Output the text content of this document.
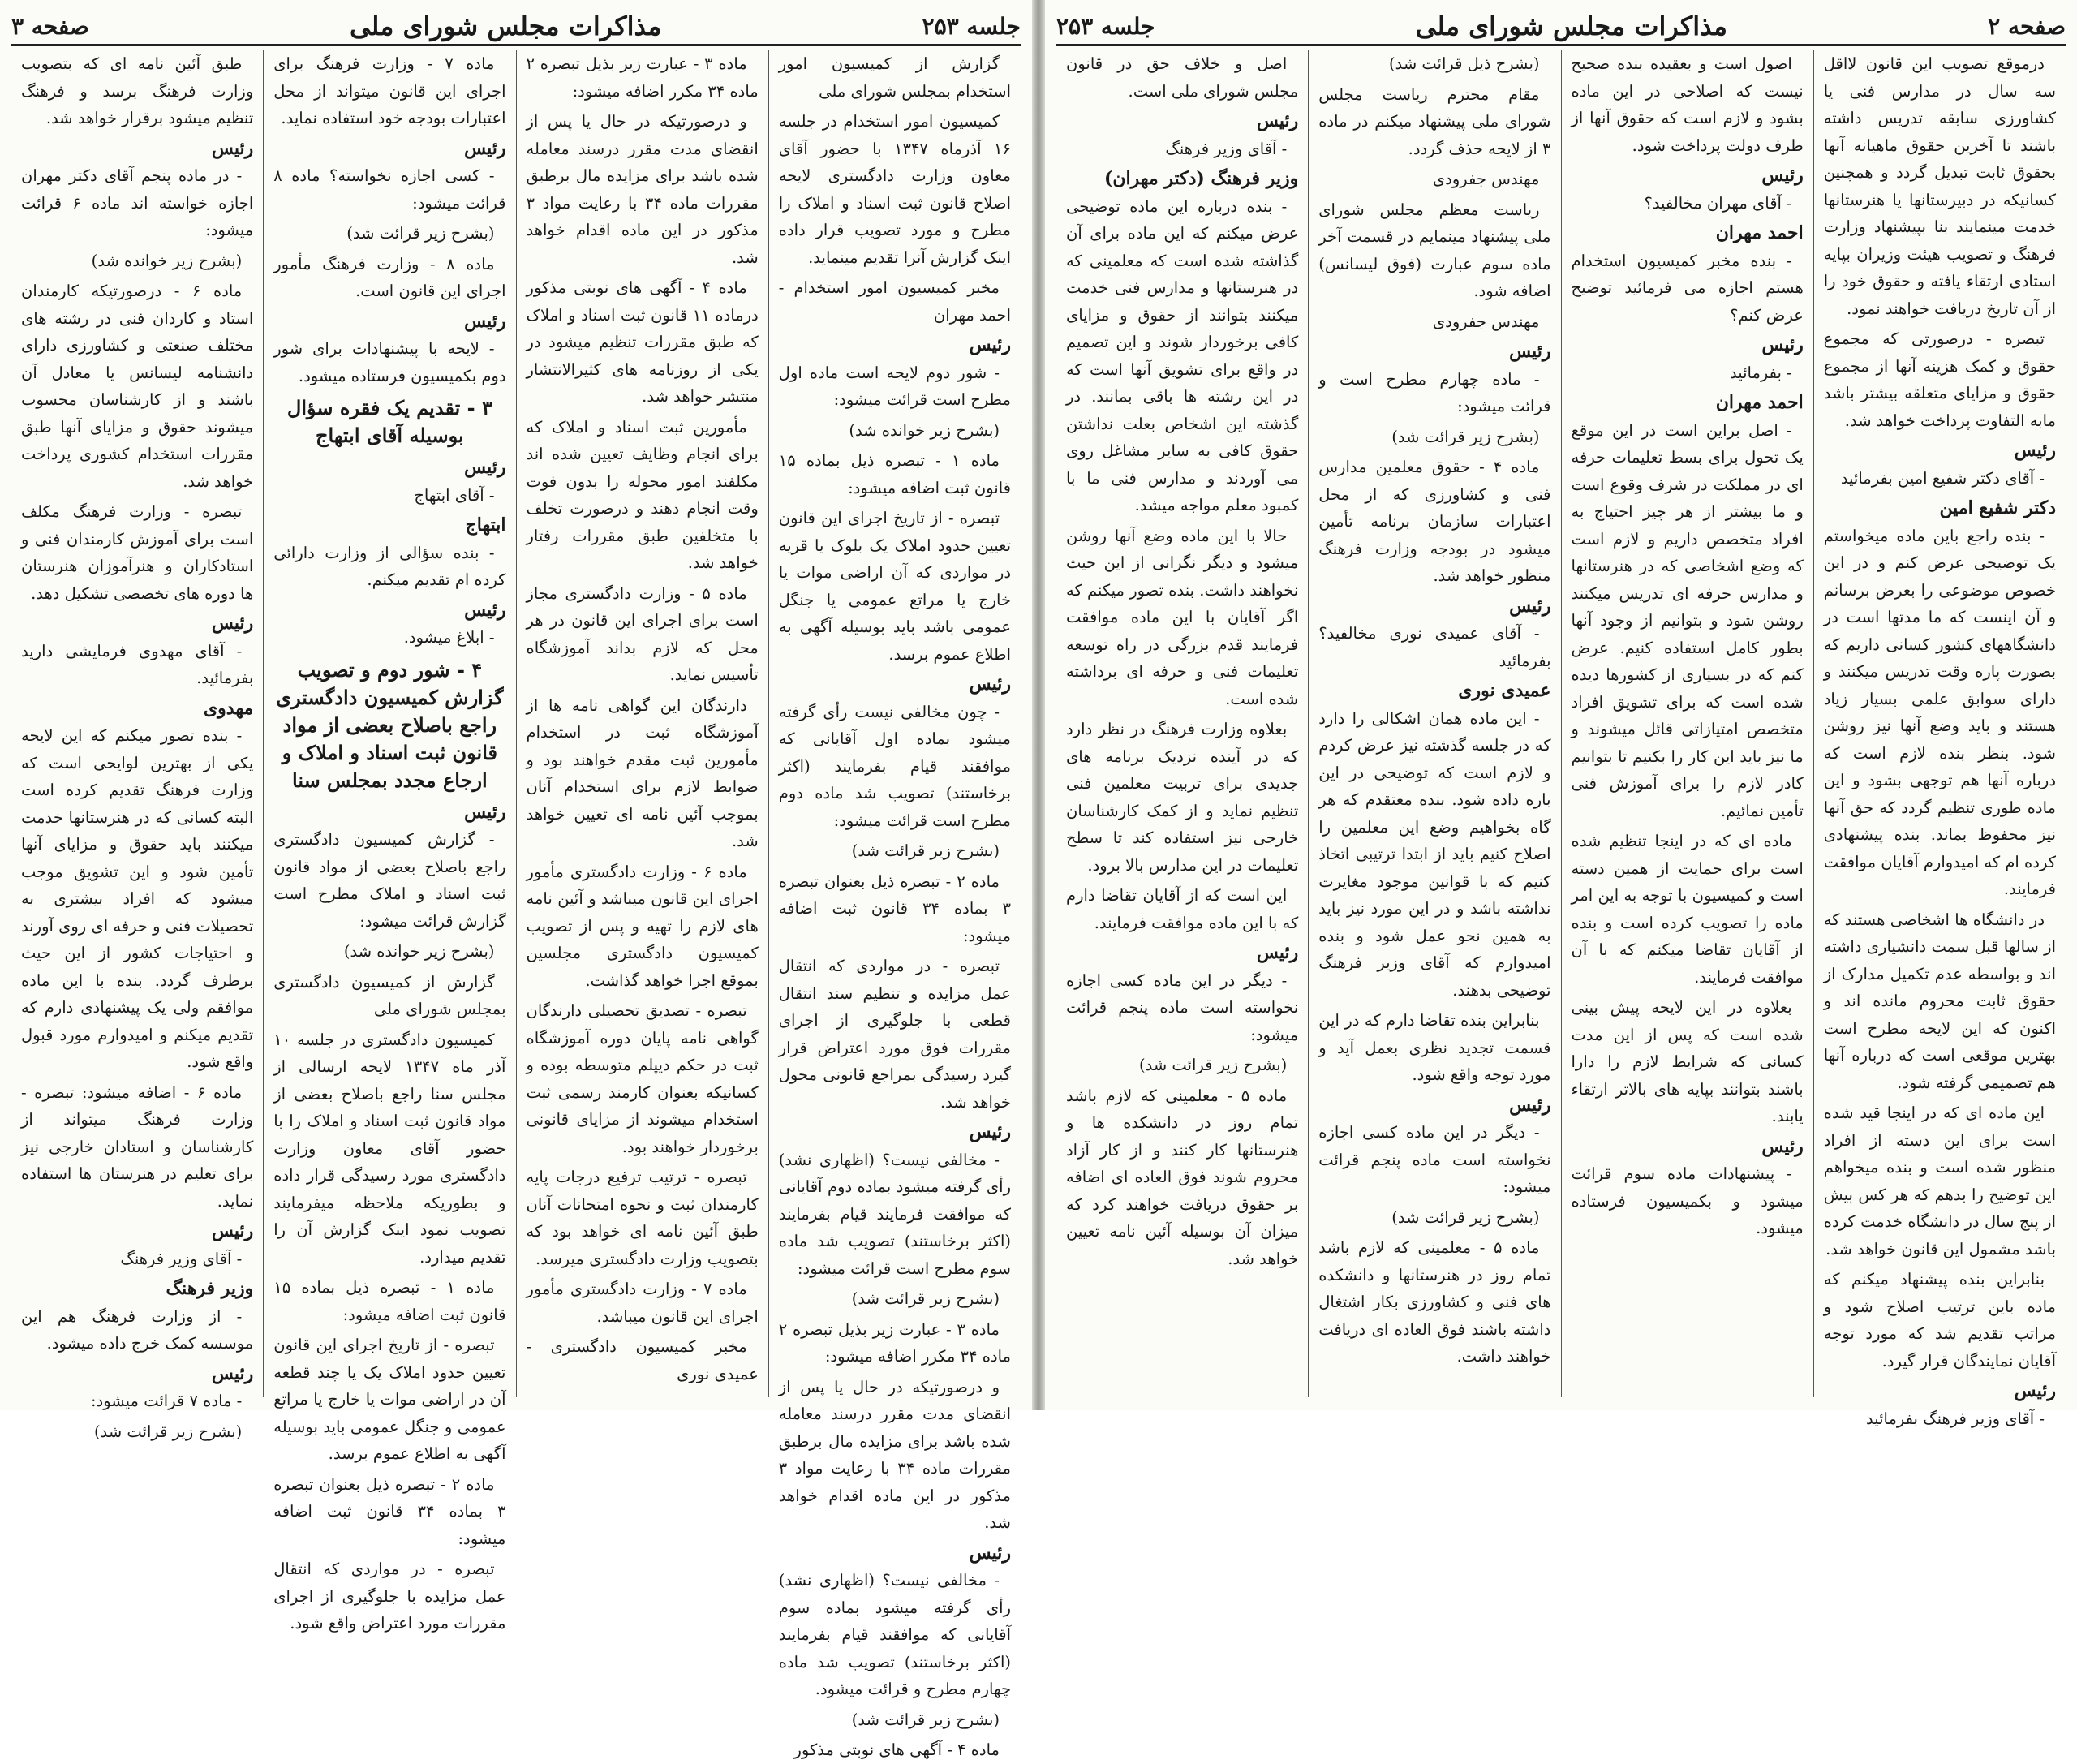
جلسه ۲۵۳
مذاکرات مجلس شورای ملی
صفحه ۳

گزارش از کمیسیون امور استخدام بمجلس شورای ملی

کمیسیون امور استخدام در جلسه ۱۶ آذرماه ۱۳۴۷ با حضور آقای معاون وزارت دادگستری لایحه اصلاح قانون ثبت اسناد و املاک را مطرح و مورد تصویب قرار داده اینک گزارش آنرا تقدیم مینماید.

مخبر کمیسیون امور استخدام - احمد مهران

رئیس

- شور دوم لایحه است ماده اول مطرح است قرائت میشود:

(بشرح زیر خوانده شد)

ماده ۱ - تبصره ذیل بماده ۱۵ قانون ثبت اضافه میشود:

تبصره - از تاریخ اجرای این قانون تعیین حدود املاک یک بلوک یا قریه در مواردی که آن اراضی موات یا خارج یا مراتع عمومی یا جنگل عمومی باشد باید بوسیله آگهی به اطلاع عموم برسد.

رئیس

- چون مخالفی نیست رأی گرفته میشود بماده اول آقایانی که موافقند قیام بفرمایند (اکثر برخاستند) تصویب شد ماده دوم مطرح است قرائت میشود:

(بشرح زیر قرائت شد)

ماده ۲ - تبصره ذیل بعنوان تبصره ۳ بماده ۳۴ قانون ثبت اضافه میشود:

تبصره - در مواردی که انتقال عمل مزایده و تنظیم سند انتقال قطعی با جلوگیری از اجرای مقررات فوق مورد اعتراض قرار گیرد رسیدگی بمراجع قانونی محول خواهد شد.

رئیس

- مخالفی نیست؟ (اظهاری نشد) رأی گرفته میشود بماده دوم آقایانی که موافقت فرمایند قیام بفرمایند (اکثر برخاستند) تصویب شد ماده سوم مطرح است قرائت میشود:

(بشرح زیر قرائت شد)

ماده ۳ - عبارت زیر بذیل تبصره ۲ ماده ۳۴ مکرر اضافه میشود:

و درصورتیکه در حال یا پس از انقضای مدت مقرر درسند معامله شده باشد برای مزایده مال برطبق مقررات ماده ۳۴ با رعایت مواد ۳ مذکور در این ماده اقدام خواهد شد.

رئیس

- مخالفی نیست؟ (اظهاری نشد) رأی گرفته میشود بماده سوم آقایانی که موافقند قیام بفرمایند (اکثر برخاستند) تصویب شد ماده چهارم مطرح و قرائت میشود.

(بشرح زیر قرائت شد)

ماده ۴ - آگهی های نوبتی مذکور

ماده ۳ - عبارت زیر بذیل تبصره ۲ ماده ۳۴ مکرر اضافه میشود:

و درصورتیکه در حال یا پس از انقضای مدت مقرر درسند معامله شده باشد برای مزایده مال برطبق مقررات ماده ۳۴ با رعایت مواد ۳ مذکور در این ماده اقدام خواهد شد.

ماده ۴ - آگهی های نوبتی مذکور درماده ۱۱ قانون ثبت اسناد و املاک که طبق مقررات تنظیم میشود در یکی از روزنامه های کثیرالانتشار منتشر خواهد شد.

مأمورین ثبت اسناد و املاک که برای انجام وظایف تعیین شده اند مکلفند امور محوله را بدون فوت وقت انجام دهند و درصورت تخلف با متخلفین طبق مقررات رفتار خواهد شد.

ماده ۵ - وزارت دادگستری مجاز است برای اجرای این قانون در هر محل که لازم بداند آموزشگاه تأسیس نماید.

دارندگان این گواهی نامه ها از آموزشگاه ثبت در استخدام مأمورین ثبت مقدم خواهند بود و ضوابط لازم برای استخدام آنان بموجب آئین نامه ای تعیین خواهد شد.

ماده ۶ - وزارت دادگستری مأمور اجرای این قانون میباشد و آئین نامه های لازم را تهیه و پس از تصویب کمیسیون دادگستری مجلسین بموقع اجرا خواهد گذاشت.

تبصره - تصدیق تحصیلی دارندگان گواهی نامه پایان دوره آموزشگاه ثبت در حکم دیپلم متوسطه بوده و کسانیکه بعنوان کارمند رسمی ثبت استخدام میشوند از مزایای قانونی برخوردار خواهند بود.

تبصره - ترتیب ترفیع درجات پایه کارمندان ثبت و نحوه امتحانات آنان طبق آئین نامه ای خواهد بود که بتصویب وزارت دادگستری میرسد.

ماده ۷ - وزارت دادگستری مأمور اجرای این قانون میباشد.

مخبر کمیسیون دادگستری - عمیدی نوری

ماده ۷ - وزارت فرهنگ برای اجرای این قانون میتواند از محل اعتبارات بودجه خود استفاده نماید.

رئیس

- کسی اجازه نخواسته؟ ماده ۸ قرائت میشود:

(بشرح زیر قرائت شد)

ماده ۸ - وزارت فرهنگ مأمور اجرای این قانون است.

رئیس

- لایحه با پیشنهادات برای شور دوم بکمیسیون فرستاده میشود.

۳ - تقدیم یک فقره سؤال بوسیله آقای ابتهاج
رئیس

- آقای ابتهاج

ابتهاج

- بنده سؤالی از وزارت دارائی کرده ام تقدیم میکنم.

رئیس

- ابلاغ میشود.

۴ - شور دوم و تصویب گزارش کمیسیون دادگستری راجع باصلاح بعضی از مواد قانون ثبت اسناد و املاک و ارجاع مجدد بمجلس سنا
رئیس

- گزارش کمیسیون دادگستری راجع باصلاح بعضی از مواد قانون ثبت اسناد و املاک مطرح است گزارش قرائت میشود:

(بشرح زیر خوانده شد)

گزارش از کمیسیون دادگستری بمجلس شورای ملی

کمیسیون دادگستری در جلسه ۱۰ آذر ماه ۱۳۴۷ لایحه ارسالی از مجلس سنا راجع باصلاح بعضی از مواد قانون ثبت اسناد و املاک را با حضور آقای معاون وزارت دادگستری مورد رسیدگی قرار داده و بطوریکه ملاحظه میفرمایند تصویب نمود اینک گزارش آن را تقدیم میدارد.

ماده ۱ - تبصره ذیل بماده ۱۵ قانون ثبت اضافه میشود:

تبصره - از تاریخ اجرای این قانون تعیین حدود املاک یک یا چند قطعه آن در اراضی موات یا خارج یا مراتع عمومی و جنگل عمومی باید بوسیله آگهی به اطلاع عموم برسد.

ماده ۲ - تبصره ذیل بعنوان تبصره ۳ بماده ۳۴ قانون ثبت اضافه میشود:

تبصره - در مواردی که انتقال عمل مزایده با جلوگیری از اجرای مقررات مورد اعتراض واقع شود.

طبق آئین نامه ای که بتصویب وزارت فرهنگ برسد و فرهنگ تنظیم میشود برقرار خواهد شد.

رئیس

- در ماده پنجم آقای دکتر مهران اجازه خواسته اند ماده ۶ قرائت میشود:

(بشرح زیر خوانده شد)

ماده ۶ - درصورتیکه کارمندان استاد و کاردان فنی در رشته های مختلف صنعتی و کشاورزی دارای دانشنامه لیسانس یا معادل آن باشند و از کارشناسان محسوب میشوند حقوق و مزایای آنها طبق مقررات استخدام کشوری پرداخت خواهد شد.

تبصره - وزارت فرهنگ مکلف است برای آموزش کارمندان فنی و استادکاران و هنرآموزان هنرستان ها دوره های تخصصی تشکیل دهد.

رئیس

- آقای مهدوی فرمایشی دارید بفرمائید.

مهدوی

- بنده تصور میکنم که این لایحه یکی از بهترین لوایحی است که وزارت فرهنگ تقدیم کرده است البته کسانی که در هنرستانها خدمت میکنند باید حقوق و مزایای آنها تأمین شود و این تشویق موجب میشود که افراد بیشتری به تحصیلات فنی و حرفه ای روی آورند و احتیاجات کشور از این حیث برطرف گردد. بنده با این ماده موافقم ولی یک پیشنهادی دارم که تقدیم میکنم و امیدوارم مورد قبول واقع شود.

ماده ۶ - اضافه میشود: تبصره - وزارت فرهنگ میتواند از کارشناسان و استادان خارجی نیز برای تعلیم در هنرستان ها استفاده نماید.

رئیس

- آقای وزیر فرهنگ

وزیر فرهنگ

- از وزارت فرهنگ هم این موسسه کمک خرج داده میشود.

رئیس

- ماده ۷ قرائت میشود:

(بشرح زیر قرائت شد)

صفحه ۲
مذاکرات مجلس شورای ملی
جلسه ۲۵۳

درموقع تصویب این قانون لااقل سه سال در مدارس فنی یا کشاورزی سابقه تدریس داشته باشند تا آخرین حقوق ماهیانه آنها بحقوق ثابت تبدیل گردد و همچنین کسانیکه در دبیرستانها یا هنرستانها خدمت مینمایند بنا بپیشنهاد وزارت فرهنگ و تصویب هیئت وزیران بپایه استادی ارتقاء یافته و حقوق خود را از آن تاریخ دریافت خواهند نمود.

تبصره - درصورتی که مجموع حقوق و کمک هزینه آنها از مجموع حقوق و مزایای متعلقه بیشتر باشد مابه التفاوت پرداخت خواهد شد.

رئیس

- آقای دکتر شفیع امین بفرمائید

دکتر شفیع امین

- بنده راجع باین ماده میخواستم یک توضیحی عرض کنم و در این خصوص موضوعی را بعرض برسانم و آن اینست که ما مدتها است در دانشگاههای کشور کسانی داریم که بصورت پاره وقت تدریس میکنند و دارای سوابق علمی بسیار زیاد هستند و باید وضع آنها نیز روشن شود. بنظر بنده لازم است که درباره آنها هم توجهی بشود و این ماده طوری تنظیم گردد که حق آنها نیز محفوظ بماند. بنده پیشنهادی کرده ام که امیدوارم آقایان موافقت فرمایند.

در دانشگاه ها اشخاصی هستند که از سالها قبل سمت دانشیاری داشته اند و بواسطه عدم تکمیل مدارک از حقوق ثابت محروم مانده اند و اکنون که این لایحه مطرح است بهترین موقعی است که درباره آنها هم تصمیمی گرفته شود.

این ماده ای که در اینجا قید شده است برای این دسته از افراد منظور شده است و بنده میخواهم این توضیح را بدهم که هر کس بیش از پنج سال در دانشگاه خدمت کرده باشد مشمول این قانون خواهد شد.

بنابراین بنده پیشنهاد میکنم که ماده باین ترتیب اصلاح شود و مراتب تقدیم شد که مورد توجه آقایان نمایندگان قرار گیرد.

رئیس

- آقای وزیر فرهنگ بفرمائید

اصول است و بعقیده بنده صحیح نیست که اصلاحی در این ماده بشود و لازم است که حقوق آنها از طرف دولت پرداخت شود.

رئیس

- آقای مهران مخالفید؟

احمد مهران

- بنده مخبر کمیسیون استخدام هستم اجازه می فرمائید توضیح عرض کنم؟

رئیس

- بفرمائید

احمد مهران

- اصل براین است در این موقع یک تحول برای بسط تعلیمات حرفه ای در مملکت در شرف وقوع است و ما بیشتر از هر چیز احتیاج به افراد متخصص داریم و لازم است که وضع اشخاصی که در هنرستانها و مدارس حرفه ای تدریس میکنند روشن شود و بتوانیم از وجود آنها بطور کامل استفاده کنیم. عرض کنم که در بسیاری از کشورها دیده شده است که برای تشویق افراد متخصص امتیازاتی قائل میشوند و ما نیز باید این کار را بکنیم تا بتوانیم کادر لازم را برای آموزش فنی تأمین نمائیم.

ماده ای که در اینجا تنظیم شده است برای حمایت از همین دسته است و کمیسیون با توجه به این امر ماده را تصویب کرده است و بنده از آقایان تقاضا میکنم که با آن موافقت فرمایند.

بعلاوه در این لایحه پیش بینی شده است که پس از این مدت کسانی که شرایط لازم را دارا باشند بتوانند بپایه های بالاتر ارتقاء یابند.

رئیس

- پیشنهادات ماده سوم قرائت میشود و بکمیسیون فرستاده میشود.

(بشرح ذیل قرائت شد)

مقام محترم ریاست مجلس شورای ملی پیشنهاد میکنم در ماده ۳ از لایحه حذف گردد.

مهندس جفرودی

ریاست معظم مجلس شورای ملی پیشنهاد مینمایم در قسمت آخر ماده سوم عبارت (فوق لیسانس) اضافه شود.

مهندس جفرودی

رئیس

- ماده چهارم مطرح است و قرائت میشود:

(بشرح زیر قرائت شد)

ماده ۴ - حقوق معلمین مدارس فنی و کشاورزی که از محل اعتبارات سازمان برنامه تأمین میشود در بودجه وزارت فرهنگ منظور خواهد شد.

رئیس

- آقای عمیدی نوری مخالفید؟ بفرمائید

عمیدی نوری

- این ماده همان اشکالی را دارد که در جلسه گذشته نیز عرض کردم و لازم است که توضیحی در این باره داده شود. بنده معتقدم که هر گاه بخواهیم وضع این معلمین را اصلاح کنیم باید از ابتدا ترتیبی اتخاذ کنیم که با قوانین موجود مغایرت نداشته باشد و در این مورد نیز باید به همین نحو عمل شود و بنده امیدوارم که آقای وزیر فرهنگ توضیحی بدهند.

بنابراین بنده تقاضا دارم که در این قسمت تجدید نظری بعمل آید و مورد توجه واقع شود.

رئیس

- دیگر در این ماده کسی اجازه نخواسته است ماده پنجم قرائت میشود:

(بشرح زیر قرائت شد)

ماده ۵ - معلمینی که لازم باشد تمام روز در هنرستانها و دانشکده های فنی و کشاورزی بکار اشتغال داشته باشند فوق العاده ای دریافت خواهند داشت.

اصل و خلاف حق در قانون مجلس شورای ملی است.

رئیس

- آقای وزیر فرهنگ

وزیر فرهنگ (دکتر مهران)

- بنده درباره این ماده توضیحی عرض میکنم که این ماده برای آن گذاشته شده است که معلمینی که در هنرستانها و مدارس فنی خدمت میکنند بتوانند از حقوق و مزایای کافی برخوردار شوند و این تصمیم در واقع برای تشویق آنها است که در این رشته ها باقی بمانند. در گذشته این اشخاص بعلت نداشتن حقوق کافی به سایر مشاغل روی می آوردند و مدارس فنی ما با کمبود معلم مواجه میشد.

حالا با این ماده وضع آنها روشن میشود و دیگر نگرانی از این حیث نخواهند داشت. بنده تصور میکنم که اگر آقایان با این ماده موافقت فرمایند قدم بزرگی در راه توسعه تعلیمات فنی و حرفه ای برداشته شده است.

بعلاوه وزارت فرهنگ در نظر دارد که در آینده نزدیک برنامه های جدیدی برای تربیت معلمین فنی تنظیم نماید و از کمک کارشناسان خارجی نیز استفاده کند تا سطح تعلیمات در این مدارس بالا برود.

این است که از آقایان تقاضا دارم که با این ماده موافقت فرمایند.

رئیس

- دیگر در این ماده کسی اجازه نخواسته است ماده پنجم قرائت میشود:

(بشرح زیر قرائت شد)

ماده ۵ - معلمینی که لازم باشد تمام روز در دانشکده ها و هنرستانها کار کنند و از کار آزاد محروم شوند فوق العاده ای اضافه بر حقوق دریافت خواهند کرد که میزان آن بوسیله آئین نامه تعیین خواهد شد.
